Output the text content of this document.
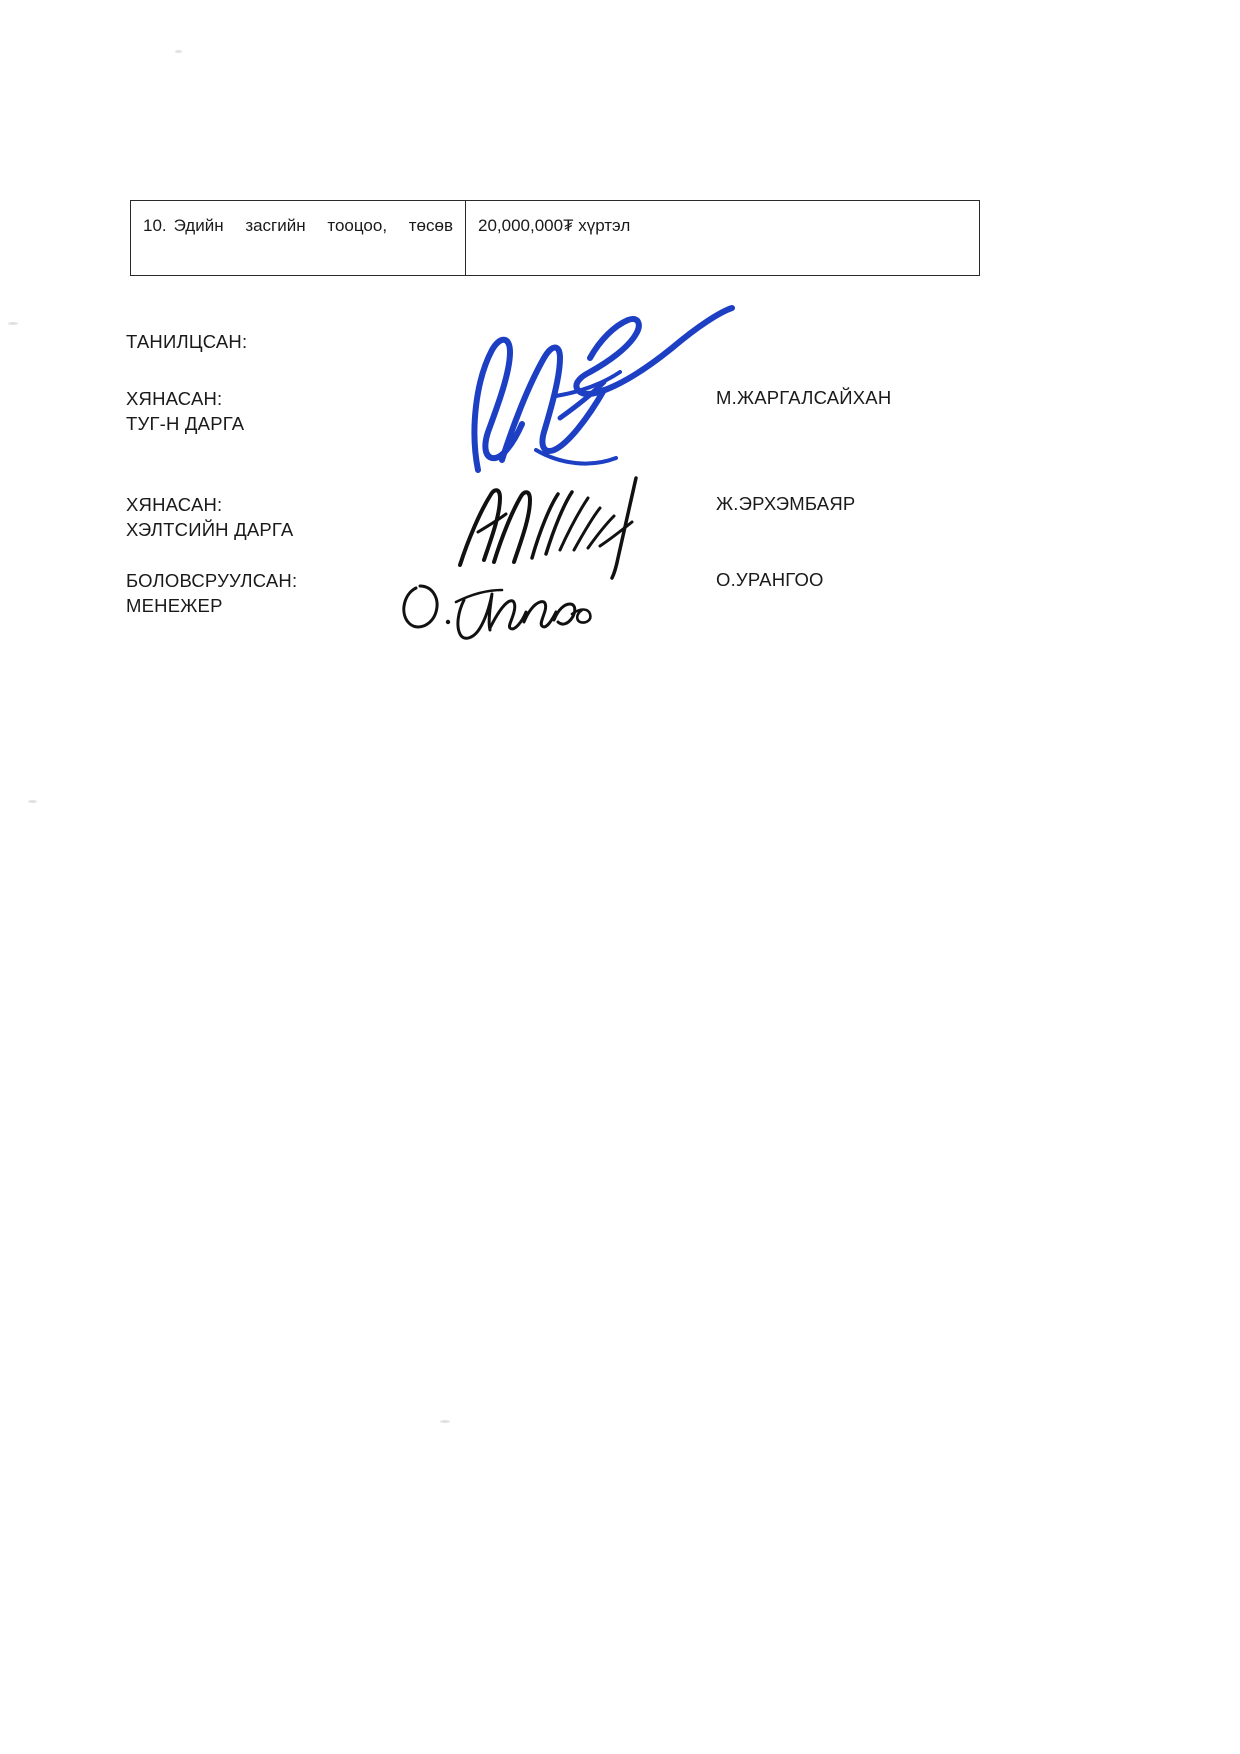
10. Эдийн засгийн тооцоо, төсөв	20,000,000₮ хүртэл
ТАНИЛЦСАН:
ХЯНАСАН:
ТУГ-Н ДАРГА
М.ЖАРГАЛСАЙХАН
ХЯНАСАН:
ХЭЛТСИЙН ДАРГА
Ж.ЭРХЭМБАЯР
БОЛОВСРУУЛСАН:
МЕНЕЖЕР
О.УРАНГОО
